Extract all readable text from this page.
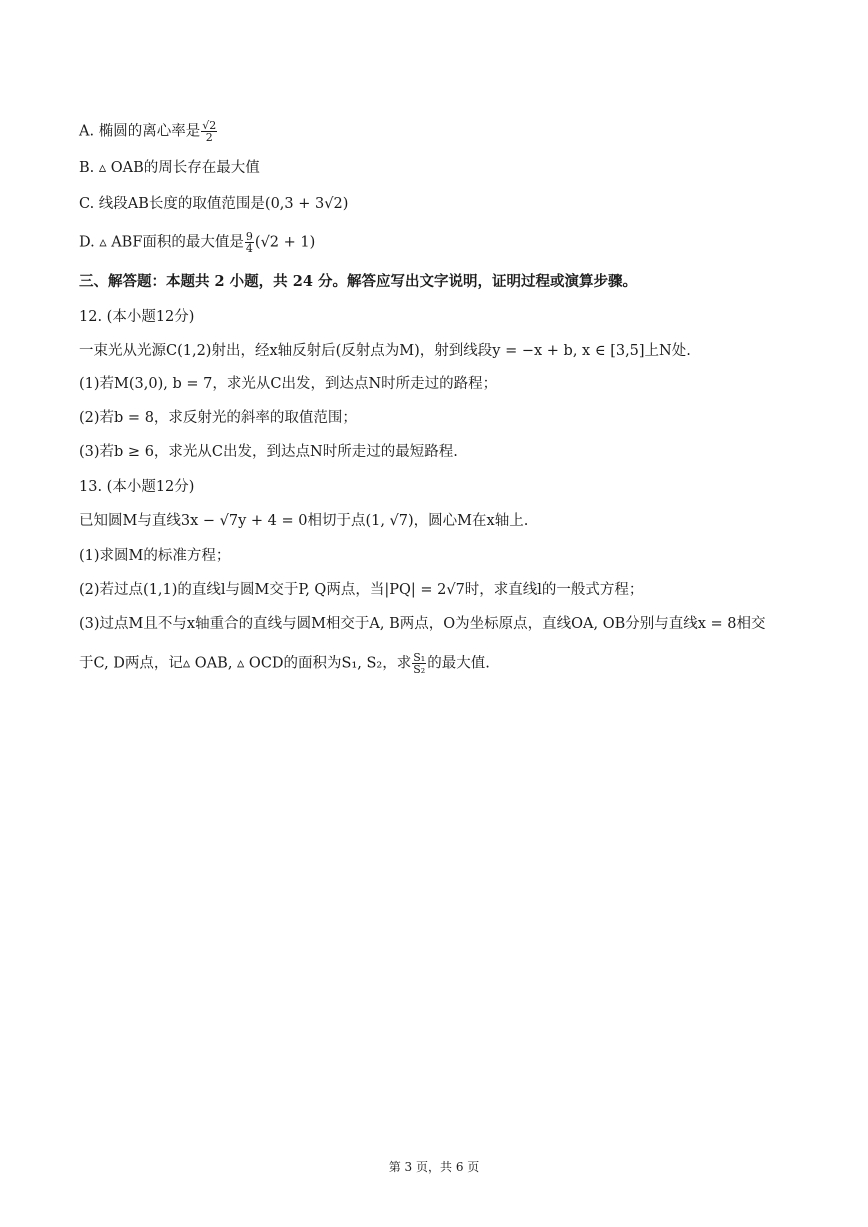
A. 椭圆的离心率是 $\frac{√2}{2}$
B. ▵ OAB的周长存在最大值
C. 线段AB长度的取值范围是(0,3 + 3√2)
D. ▵ ABF面积的最大值是 $\frac{9}{4} (√2 + 1)$
三、解答题：本题共 2 小题，共 24 分。解答应写出文字说明，证明过程或演算步骤。
12. (本小题12分)
一束光从光源C(1,2)射出，经x轴反射后(反射点为M)，射到线段y = −x + b, x ∈ [3,5]上N处.
(1)若M(3,0), b = 7，求光从C出发，到达点N时所走过的路程；
(2)若b = 8，求反射光的斜率的取值范围；
(3)若b ≥ 6，求光从C出发，到达点N时所走过的最短路程.
13. (本小题12分)
已知圆M与直线3x − √7y + 4 = 0相切于点(1, √7)，圆心M在x轴上.
(1)求圆M的标准方程；
(2)若过点(1,1)的直线l与圆M交于P, Q两点，当|PQ| = 2√7时，求直线l的一般式方程；
(3)过点M且不与x轴重合的直线与圆M相交于A, B两点，O为坐标原点，直线OA, OB分别与直线x = 8相交
于C, D两点，记▵ OAB, ▵ OCD的面积为S₁, S₂，求 $\frac{\text{S₁}}{\text{S₂}}$ 的最大值.
第 3 页，共 6 页
